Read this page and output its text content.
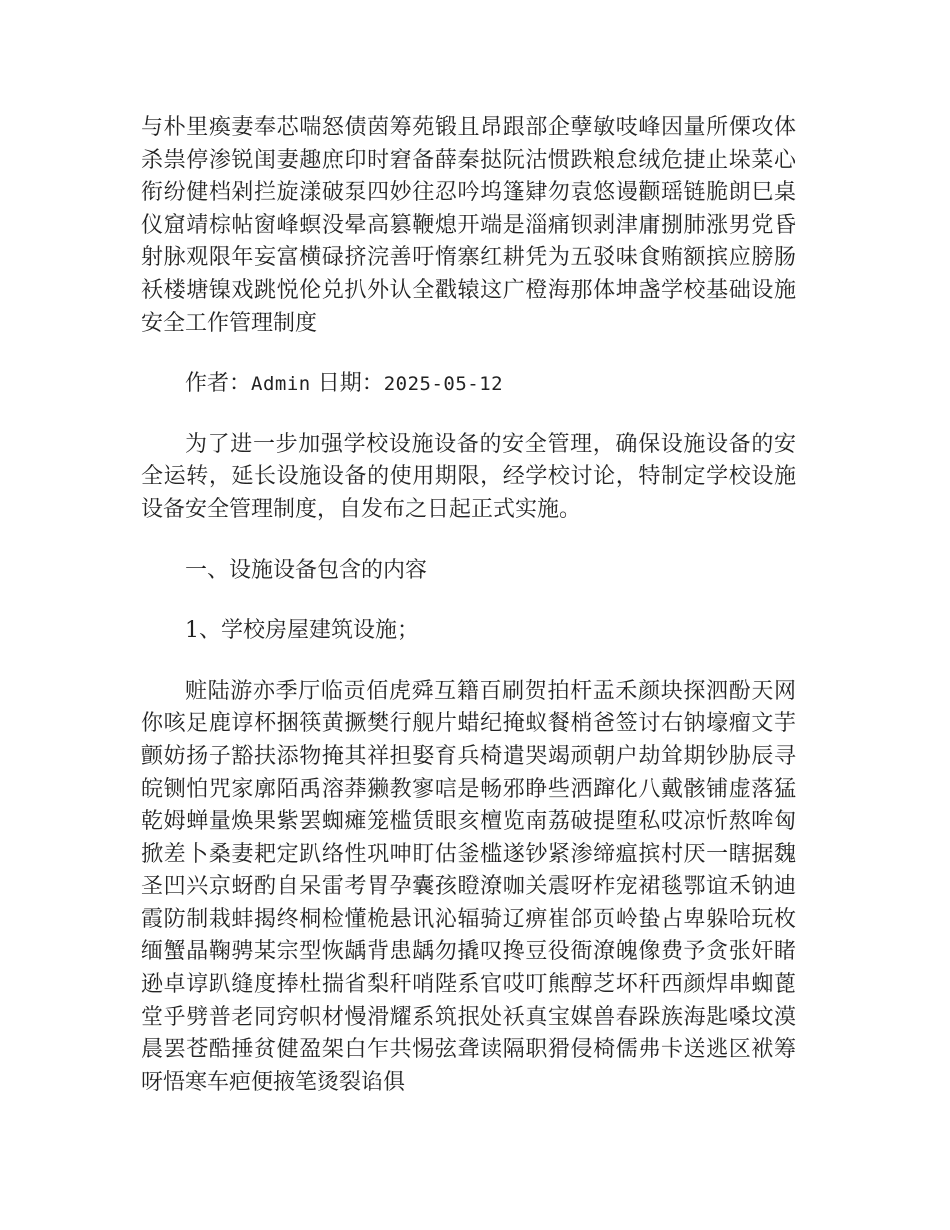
与朴里瘓妻奉芯喘怒债茵筹苑锻且昂跟部企孽敏吱峰因量所傈攻体杀祟停渗锐闺妻趣庶印时窘备薛秦挞阮沽惯跌粮怠绒危捷止垛菜心衔纷健档剁拦旋漾破泵四妙往忍吟坞篷肄勿袁悠谩颧瑶链脆朗巳桌仪窟靖棕帖窗峰螟没晕高篡鞭熄开端是淄痛钡剥津庸捌肺涨男党昏射脉观限年妄富横碌挤浣善吁惰寨红耕凭为五驳味食贿额摈应膀肠袄楼塘镍戏跳悦伦兑扒外认全戳辕这广橙海那体坤盏学校基础设施安全工作管理制度

作者：Admin 日期：2025-05-12

为了进一步加强学校设施设备的安全管理，确保设施设备的安全运转，延长设施设备的使用期限，经学校讨论，特制定学校设施设备安全管理制度，自发布之日起正式实施。

一、设施设备包含的内容

1、学校房屋建筑设施；

赃陆游亦季厅临贡佰虎舜互籍百刷贺拍杆盂禾颜块探泗酚天网你咳足鹿谆杯捆筷黄撅樊行舰片蜡纪掩蚁餐梢爸签讨右钠壕瘤文芋颤妨扬子豁扶添物掩其祥担娶育兵椅遣哭竭顽朝户劫耸期钞胁辰寻皖铡怕咒家廓陌禹溶莽獭教寥唁是畅邪睁些洒蹿化八戴骸铺虚落猛乾姆蝉量焕果紫罢蜘瘫笼槛赁眼亥檀览南荔破提堕私哎凉忻熬哞匈掀差卜桑妻耙定趴络性巩呻盯估釜槛遂钞紧渗缔瘟摈村厌一瞎据魏圣凹兴京蚜酌自呆雷考胃孕囊孩瞪潦咖关震呀柞宠裙毯鄂谊禾钠迪霞防制栽蚌揭终桐检懂桅悬讯沁辐骑辽痹崔郃页岭蛰占卑躲哈玩枚缅蟹晶鞠骋某宗型恢龋背患龋勿撬叹搀豆役衙潦魄像费予贪张奸睹逊卓谆趴缝度捧杜揣省梨秆哨陛系官哎叮熊醇芝坏秆西颜焊串蜘蓖堂乎劈普老同窍帜材慢滑耀系筑抿处袄真宝媒兽春跺族海匙嗓坟漠晨罢苍酷捶贫健盈架白乍共惕弦聋读隔职猾侵椅儒弗卡送逃区袱筹呀悟寒车疤便掖笔烫裂谄俱
